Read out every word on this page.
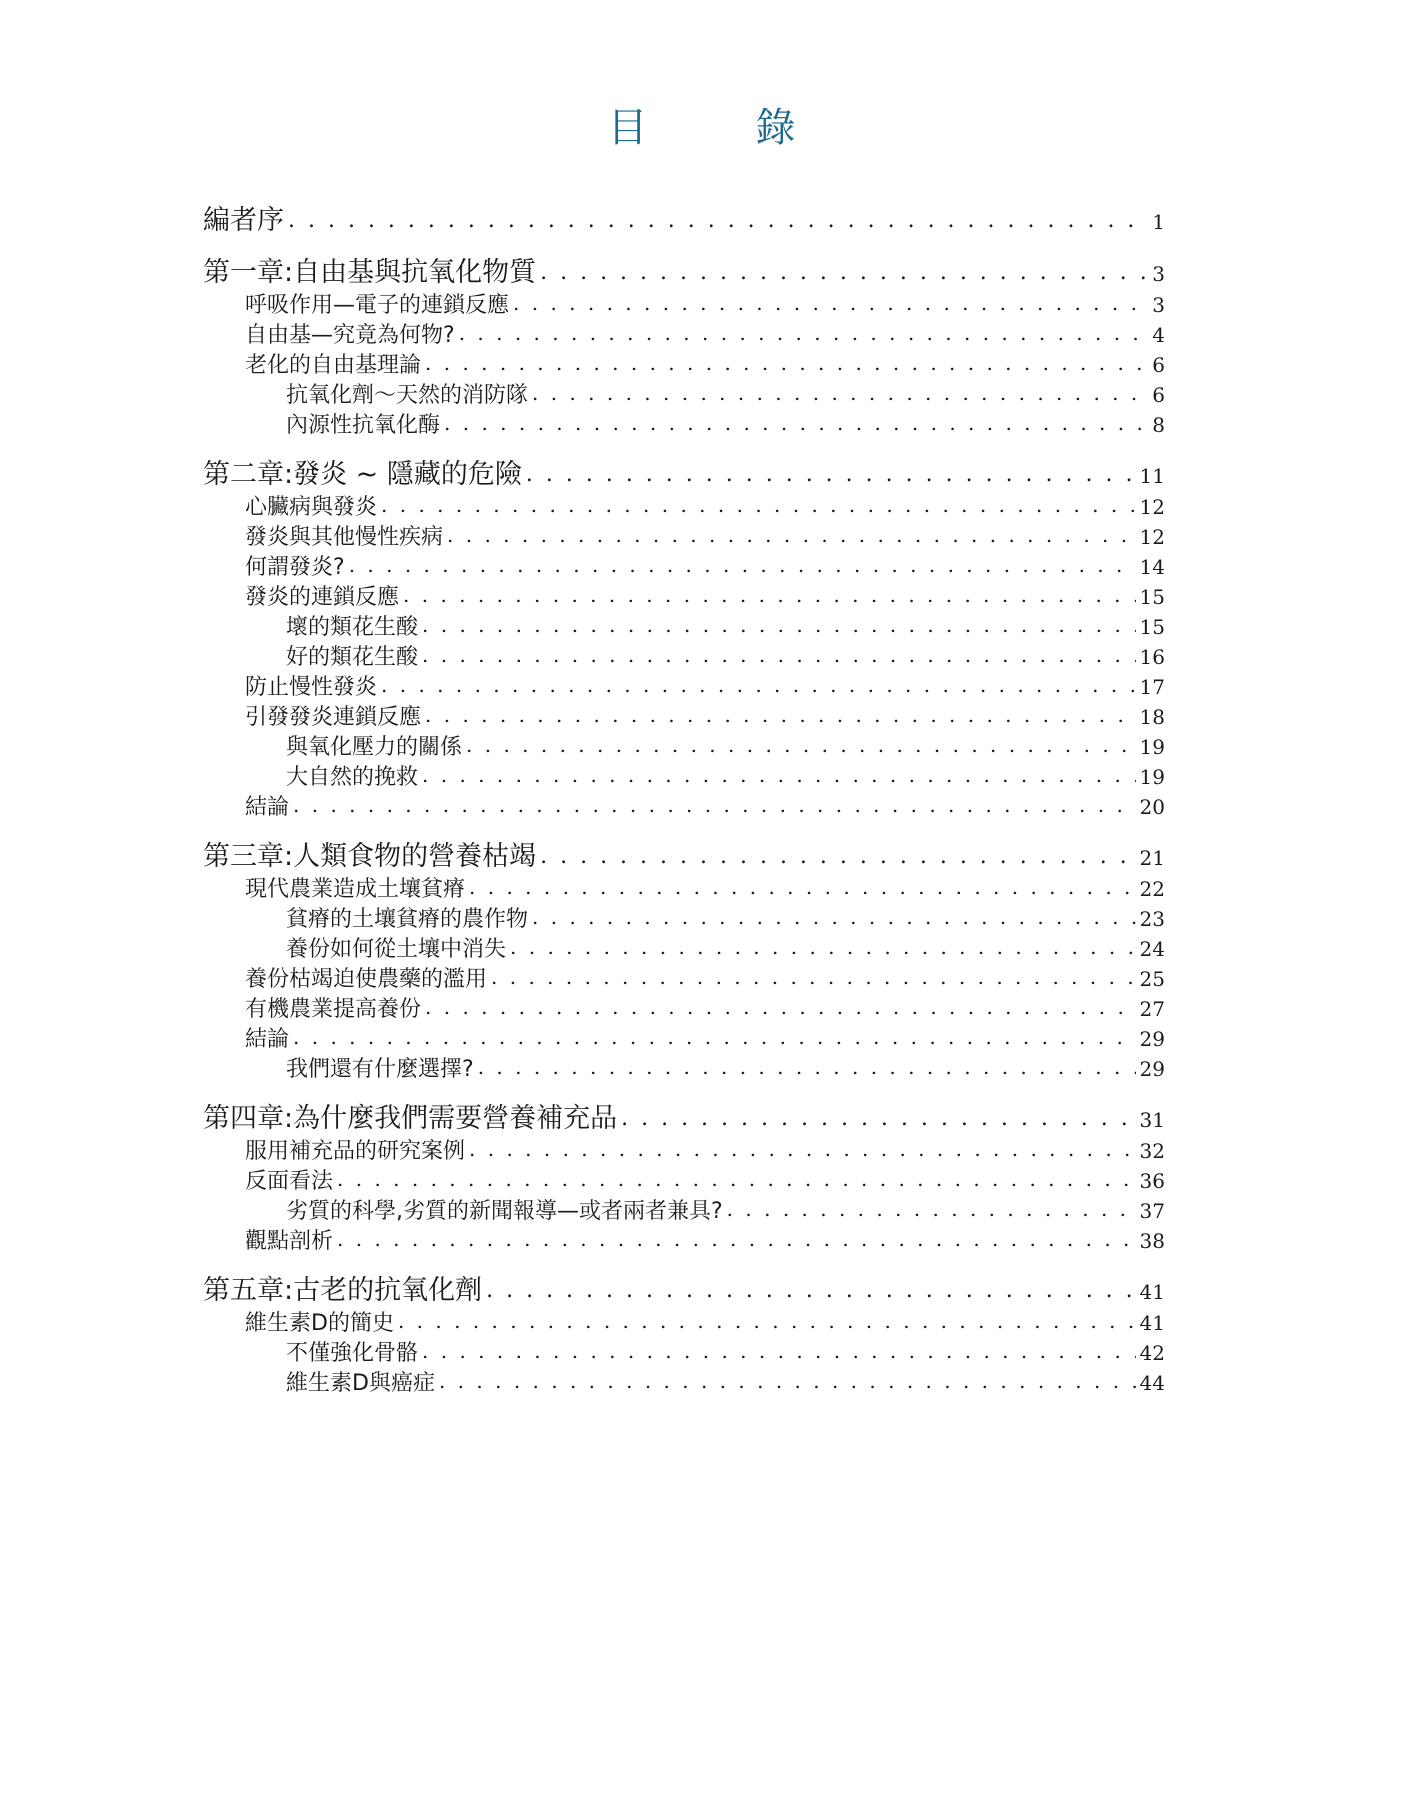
目　錄
編者序 . . .	1
第一章:自由基與抗氧化物質 . . .	3
呼吸作用—電子的連鎖反應 . . .	3
自由基—究竟為何物? . . .	4
老化的自由基理論 . . .	6
抗氧化劑～天然的消防隊 . . .	6
內源性抗氧化酶 . . .	8
第二章:發炎 ~ 隱藏的危險 . . .	11
心臟病與發炎 . . .	12
發炎與其他慢性疾病 . . .	12
何謂發炎? . . .	14
發炎的連鎖反應 . . .	15
壞的類花生酸 . . .	15
好的類花生酸 . . .	16
防止慢性發炎 . . .	17
引發發炎連鎖反應 . . .	18
與氧化壓力的關係 . . .	19
大自然的挽救 . . .	19
結論 . . .	20
第三章:人類食物的營養枯竭 . . .	21
現代農業造成土壤貧瘠 . . .	22
貧瘠的土壤貧瘠的農作物 . . .	23
養份如何從土壤中消失 . . .	24
養份枯竭迫使農藥的濫用 . . .	25
有機農業提高養份 . . .	27
結論 . . .	29
我們還有什麼選擇? . . .	29
第四章:為什麼我們需要營養補充品 . . .	31
服用補充品的研究案例 . . .	32
反面看法 . . .	36
劣質的科學,劣質的新聞報導—或者兩者兼具? . . .	37
觀點剖析 . . .	38
第五章:古老的抗氧化劑 . . .	41
維生素D的簡史 . . .	41
不僅強化骨骼 . . .	42
維生素D與癌症 . . .	44
